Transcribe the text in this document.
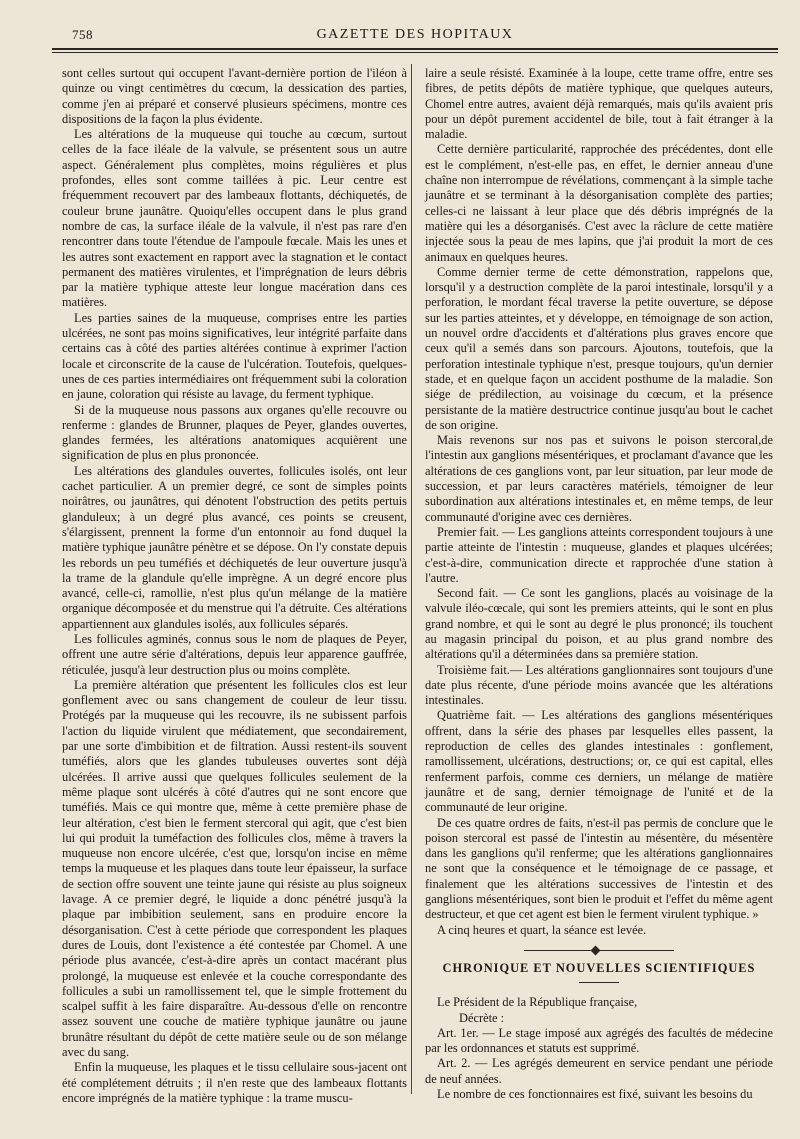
758	GAZETTE DES HOPITAUX

sont celles surtout qui occupent l'avant-dernière portion de l'iléon à quinze ou vingt centimètres du cœcum, la dessication des parties, comme j'en ai préparé et conservé plusieurs spécimens, montre ces dispositions de la façon la plus évidente.

Les altérations de la muqueuse qui touche au cœcum, surtout celles de la face iléale de la valvule, se présentent sous un autre aspect. Généralement plus complètes, moins régulières et plus profondes, elles sont comme taillées à pic. Leur centre est fréquemment recouvert par des lambeaux flottants, déchiquetés, de couleur brune jaunâtre. Quoiqu'elles occupent dans le plus grand nombre de cas, la surface iléale de la valvule, il n'est pas rare d'en rencontrer dans toute l'étendue de l'ampoule fœcale. Mais les unes et les autres sont exactement en rapport avec la stagnation et le contact permanent des matières virulentes, et l'imprégnation de leurs débris par la matière typhique atteste leur longue macération dans ces matières.

Les parties saines de la muqueuse, comprises entre les parties ulcérées, ne sont pas moins significatives, leur intégrité parfaite dans certains cas à côté des parties altérées continue à exprimer l'action locale et circonscrite de la cause de l'ulcération. Toutefois, quelques-unes de ces parties intermédiaires ont fréquemment subi la coloration en jaune, coloration qui résiste au lavage, du ferment typhique.

Si de la muqueuse nous passons aux organes qu'elle recouvre ou renferme : glandes de Brunner, plaques de Peyer, glandes ouvertes, glandes fermées, les altérations anatomiques acquièrent une signification de plus en plus prononcée.

Les altérations des glandules ouvertes, follicules isolés, ont leur cachet particulier. A un premier degré, ce sont de simples points noirâtres, ou jaunâtres, qui dénotent l'obstruction des petits pertuis glanduleux; à un degré plus avancé, ces points se creusent, s'élargissent, prennent la forme d'un entonnoir au fond duquel la matière typhique jaunâtre pénètre et se dépose. On l'y constate depuis les rebords un peu tuméfiés et déchiquetés de leur ouverture jusqu'à la trame de la glandule qu'elle imprègne. A un degré encore plus avancé, celle-ci, ramollie, n'est plus qu'un mélange de la matière organique décomposée et du menstrue qui l'a détruite. Ces altérations appartiennent aux glandules isolés, aux follicules séparés.

Les follicules agminés, connus sous le nom de plaques de Peyer, offrent une autre série d'altérations, depuis leur apparence gauffrée, réticulée, jusqu'à leur destruction plus ou moins complète.

La première altération que présentent les follicules clos est leur gonflement avec ou sans changement de couleur de leur tissu. Protégés par la muqueuse qui les recouvre, ils ne subissent parfois l'action du liquide virulent que médiatement, que secondairement, par une sorte d'imbibition et de filtration. Aussi restent-ils souvent tuméfiés, alors que les glandes tubuleuses ouvertes sont déjà ulcérées. Il arrive aussi que quelques follicules seulement de la même plaque sont ulcérés à côté d'autres qui ne sont encore que tuméfiés. Mais ce qui montre que, même à cette première phase de leur altération, c'est bien le ferment stercoral qui agit, que c'est bien lui qui produit la tuméfaction des follicules clos, même à travers la muqueuse non encore ulcérée, c'est que, lorsqu'on incise en même temps la muqueuse et les plaques dans toute leur épaisseur, la surface de section offre souvent une teinte jaune qui résiste au plus soigneux lavage. A ce premier degré, le liquide a donc pénétré jusqu'à la plaque par imbibition seulement, sans en produire encore la désorganisation. C'est à cette période que correspondent les plaques dures de Louis, dont l'existence a été contestée par Chomel. A une période plus avancée, c'est-à-dire après un contact macérant plus prolongé, la muqueuse est enlevée et la couche correspondante des follicules a subi un ramollissement tel, que le simple frottement du scalpel suffit à les faire disparaître. Au-dessous d'elle on rencontre assez souvent une couche de matière typhique jaunâtre ou jaune brunâtre résultant du dépôt de cette matière seule ou de son mélange avec du sang.

Enfin la muqueuse, les plaques et le tissu cellulaire sous-jacent ont été complétement détruits ; il n'en reste que des lambeaux flottants encore imprégnés de la matière typhique : la trame muscu-

laire a seule résisté. Examinée à la loupe, cette trame offre, entre ses fibres, de petits dépôts de matière typhique, que quelques auteurs, Chomel entre autres, avaient déjà remarqués, mais qu'ils avaient pris pour un dépôt purement accidentel de bile, tout à fait étranger à la maladie.

Cette dernière particularité, rapprochée des précédentes, dont elle est le complément, n'est-elle pas, en effet, le dernier anneau d'une chaîne non interrompue de révélations, commençant à la simple tache jaunâtre et se terminant à la désorganisation complète des parties; celles-ci ne laissant à leur place que dés débris imprégnés de la matière qui les a désorganisés. C'est avec la râclure de cette matière injectée sous la peau de mes lapins, que j'ai produit la mort de ces animaux en quelques heures.

Comme dernier terme de cette démonstration, rappelons que, lorsqu'il y a destruction complète de la paroi intestinale, lorsqu'il y a perforation, le mordant fécal traverse la petite ouverture, se dépose sur les parties atteintes, et y développe, en témoignage de son action, un nouvel ordre d'accidents et d'altérations plus graves encore que ceux qu'il a semés dans son parcours. Ajoutons, toutefois, que la perforation intestinale typhique n'est, presque toujours, qu'un dernier stade, et en quelque façon un accident posthume de la maladie. Son siége de prédilection, au voisinage du cœcum, et la présence persistante de la matière destructrice continue jusqu'au bout le cachet de son origine.

Mais revenons sur nos pas et suivons le poison stercoral,de l'intestin aux ganglions mésentériques, et proclamant d'avance que les altérations de ces ganglions vont, par leur situation, par leur mode de succession, et par leurs caractères matériels, témoigner de leur subordination aux altérations intestinales et, en même temps, de leur communauté d'origine avec ces dernières.

Premier fait. — Les ganglions atteints correspondent toujours à une partie atteinte de l'intestin : muqueuse, glandes et plaques ulcérées; c'est-à-dire, communication directe et rapprochée d'une station à l'autre.

Second fait. — Ce sont les ganglions, placés au voisinage de la valvule iléo-cœcale, qui sont les premiers atteints, qui le sont en plus grand nombre, et qui le sont au degré le plus prononcé; ils touchent au magasin principal du poison, et au plus grand nombre des altérations qu'il a déterminées dans sa première station.

Troisième fait.— Les altérations ganglionnaires sont toujours d'une date plus récente, d'une période moins avancée que les altérations intestinales.

Quatrième fait. — Les altérations des ganglions mésentériques offrent, dans la série des phases par lesquelles elles passent, la reproduction de celles des glandes intestinales : gonflement, ramollissement, ulcérations, destructions; or, ce qui est capital, elles renferment parfois, comme ces derniers, un mélange de matière jaunâtre et de sang, dernier témoignage de l'unité et de la communauté de leur origine.

De ces quatre ordres de faits, n'est-il pas permis de conclure que le poison stercoral est passé de l'intestin au mésentère, du mésentère dans les ganglions qu'il renferme; que les altérations ganglionnaires ne sont que la conséquence et le témoignage de ce passage, et finalement que les altérations successives de l'intestin et des ganglions mésentériques, sont bien le produit et l'effet du même agent destructeur, et que cet agent est bien le ferment virulent typhique. »

A cinq heures et quart, la séance est levée.

CHRONIQUE ET NOUVELLES SCIENTIFIQUES

Le Président de la République française,

Décrète :

Art. 1er. — Le stage imposé aux agrégés des facultés de médecine par les ordonnances et statuts est supprimé.

Art. 2. — Les agrégés demeurent en service pendant une période de neuf années.

Le nombre de ces fonctionnaires est fixé, suivant les besoins du
